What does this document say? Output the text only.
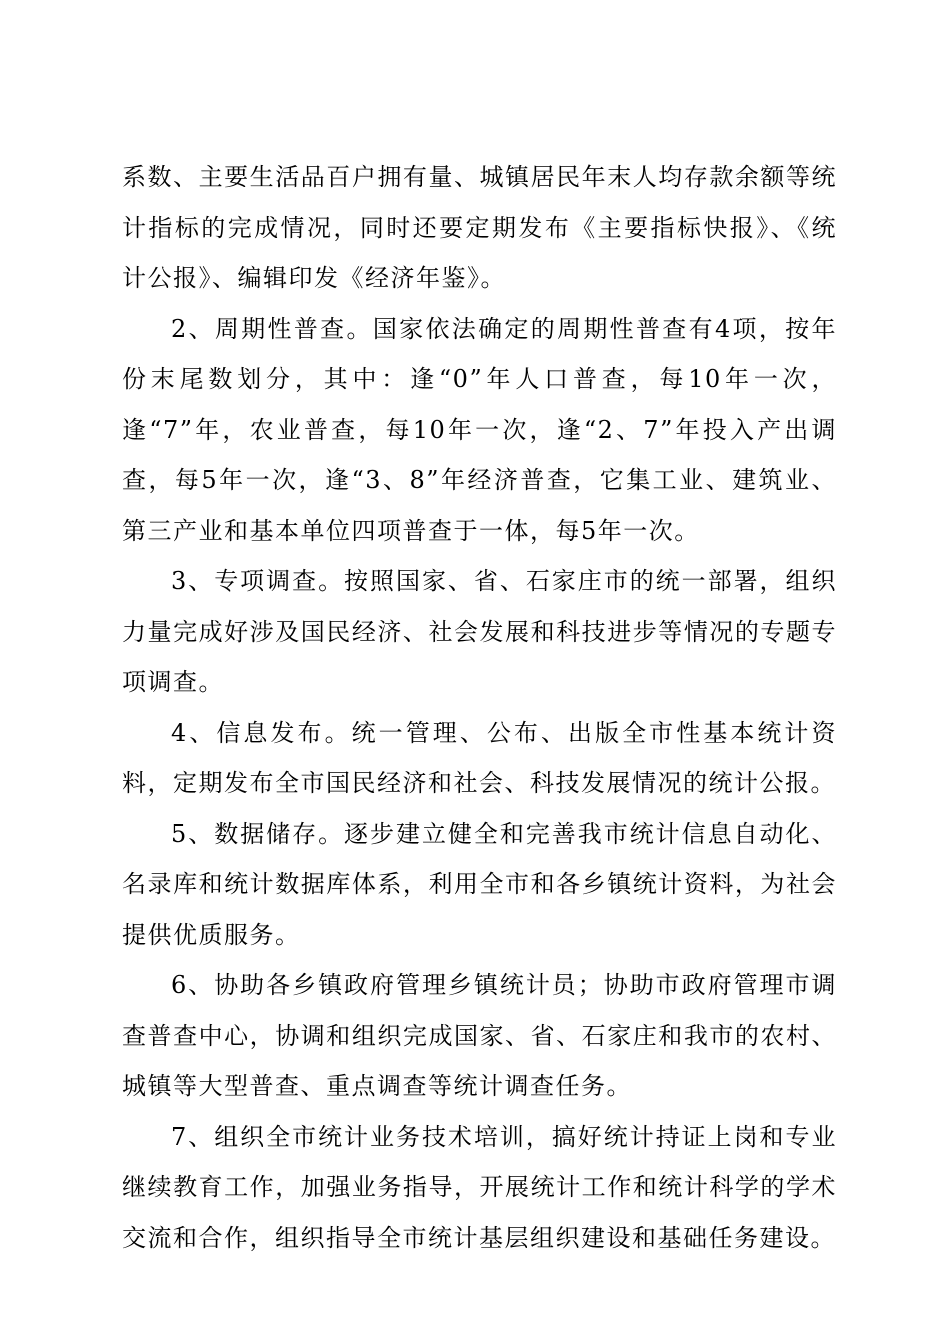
系数、主要生活品百户拥有量、城镇居民年末人均存款余额等统计指标的完成情况，同时还要定期发布《主要指标快报》、《统计公报》、编辑印发《经济年鉴》。

2、周期性普查。国家依法确定的周期性普查有4项，按年份末尾数划分，其中：逢“0”年人口普查，每10年一次，逢“7”年，农业普查，每10年一次，逢“2、7”年投入产出调查，每5年一次，逢“3、8”年经济普查，它集工业、建筑业、第三产业和基本单位四项普查于一体，每5年一次。

3、专项调查。按照国家、省、石家庄市的统一部署，组织力量完成好涉及国民经济、社会发展和科技进步等情况的专题专项调查。

4、信息发布。统一管理、公布、出版全市性基本统计资料，定期发布全市国民经济和社会、科技发展情况的统计公报。

5、数据储存。逐步建立健全和完善我市统计信息自动化、名录库和统计数据库体系，利用全市和各乡镇统计资料，为社会提供优质服务。

6、协助各乡镇政府管理乡镇统计员；协助市政府管理市调查普查中心，协调和组织完成国家、省、石家庄和我市的农村、城镇等大型普查、重点调查等统计调查任务。

7、组织全市统计业务技术培训，搞好统计持证上岗和专业继续教育工作，加强业务指导，开展统计工作和统计科学的学术交流和合作，组织指导全市统计基层组织建设和基础任务建设。
